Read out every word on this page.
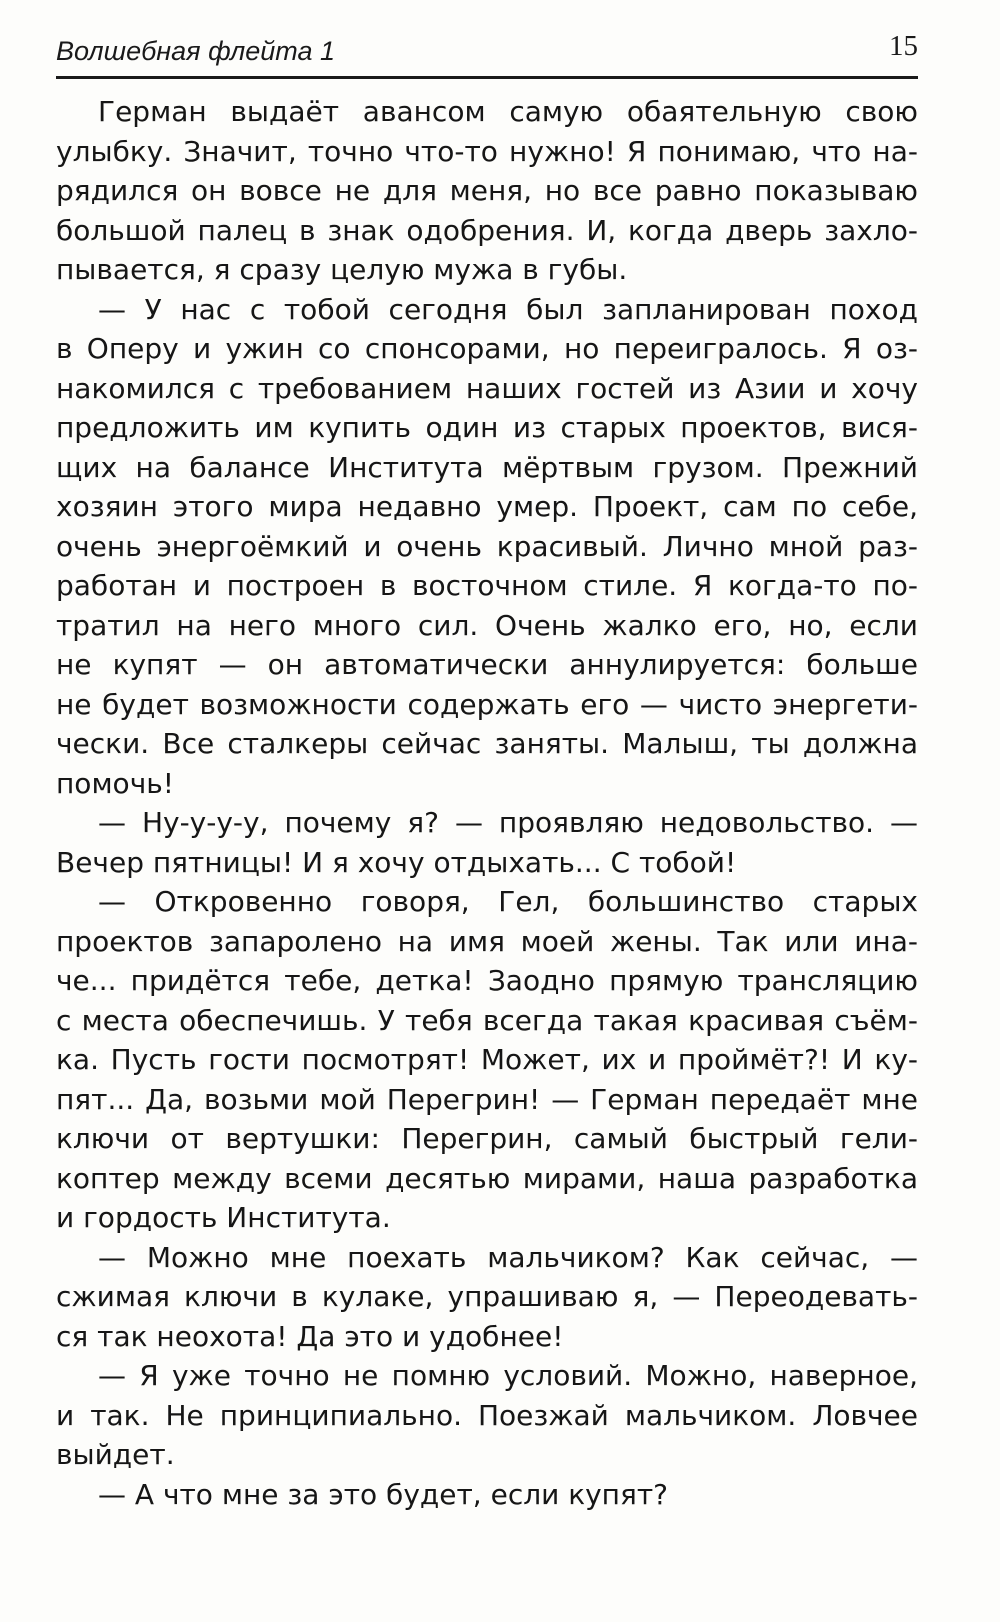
Волшебная флейта 1	15
Герман выдаёт авансом самую обаятельную свою
улыбку. Значит, точно что-то нужно! Я понимаю, что на-
рядился он вовсе не для меня, но все равно показываю
большой палец в знак одобрения. И, когда дверь захло-
пывается, я сразу целую мужа в губы.
— У нас с тобой сегодня был запланирован поход
в Оперу и ужин со спонсорами, но переигралось. Я оз-
накомился с требованием наших гостей из Азии и хочу
предложить им купить один из старых проектов, вися-
щих на балансе Института мёртвым грузом. Прежний
хозяин этого мира недавно умер. Проект, сам по себе,
очень энергоёмкий и очень красивый. Лично мной раз-
работан и построен в восточном стиле. Я когда-то по-
тратил на него много сил. Очень жалко его, но, если
не купят — он автоматически аннулируется: больше
не будет возможности содержать его — чисто энергети-
чески. Все сталкеры сейчас заняты. Малыш, ты должна
помочь!
— Ну-у-у-у, почему я? — проявляю недовольство. —
Вечер пятницы! И я хочу отдыхать... С тобой!
— Откровенно говоря, Гел, большинство старых
проектов запаролено на имя моей жены. Так или ина-
че... придётся тебе, детка! Заодно прямую трансляцию
с места обеспечишь. У тебя всегда такая красивая съём-
ка. Пусть гости посмотрят! Может, их и проймёт?! И ку-
пят... Да, возьми мой Перегрин! — Герман передаёт мне
ключи от вертушки: Перегрин, самый быстрый гели-
коптер между всеми десятью мирами, наша разработка
и гордость Института.
— Можно мне поехать мальчиком? Как сейчас, —
сжимая ключи в кулаке, упрашиваю я, — Переодевать-
ся так неохота! Да это и удобнее!
— Я уже точно не помню условий. Можно, наверное,
и так. Не принципиально. Поезжай мальчиком. Ловчее
выйдет.
— А что мне за это будет, если купят?
